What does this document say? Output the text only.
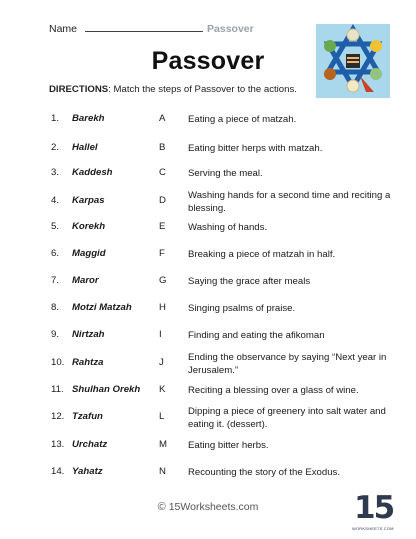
Name	Passover
Passover
DIRECTIONS: Match the steps of Passover to the actions.
1. Barekh	A Eating a piece of matzah.
2. Hallel	B Eating bitter herps with matzah.
3. Kaddesh	C Serving the meal.
4. Karpas	D Washing hands for a second time and reciting a blessing.
5. Korekh	E Washing of hands.
6. Maggid	F Breaking a piece of matzah in half.
7. Maror	G Saying the grace after meals
8. Motzi Matzah	H Singing psalms of praise.
9. Nirtzah	I	Finding and eating the afikoman
10. Rahtza	J	Ending the observance by saying “Next year in Jerusalem.”
11. Shulhan Orekh K Reciting a blessing over a glass of wine.
12. Tzafun	L Dipping a piece of greenery into salt water and eating it. (dessert).
13. Urchatz	M Eating bitter herbs.
14. Yahatz	N Recounting the story of the Exodus.
© 15Worksheets.com	15
WORKSHEETS.COM
